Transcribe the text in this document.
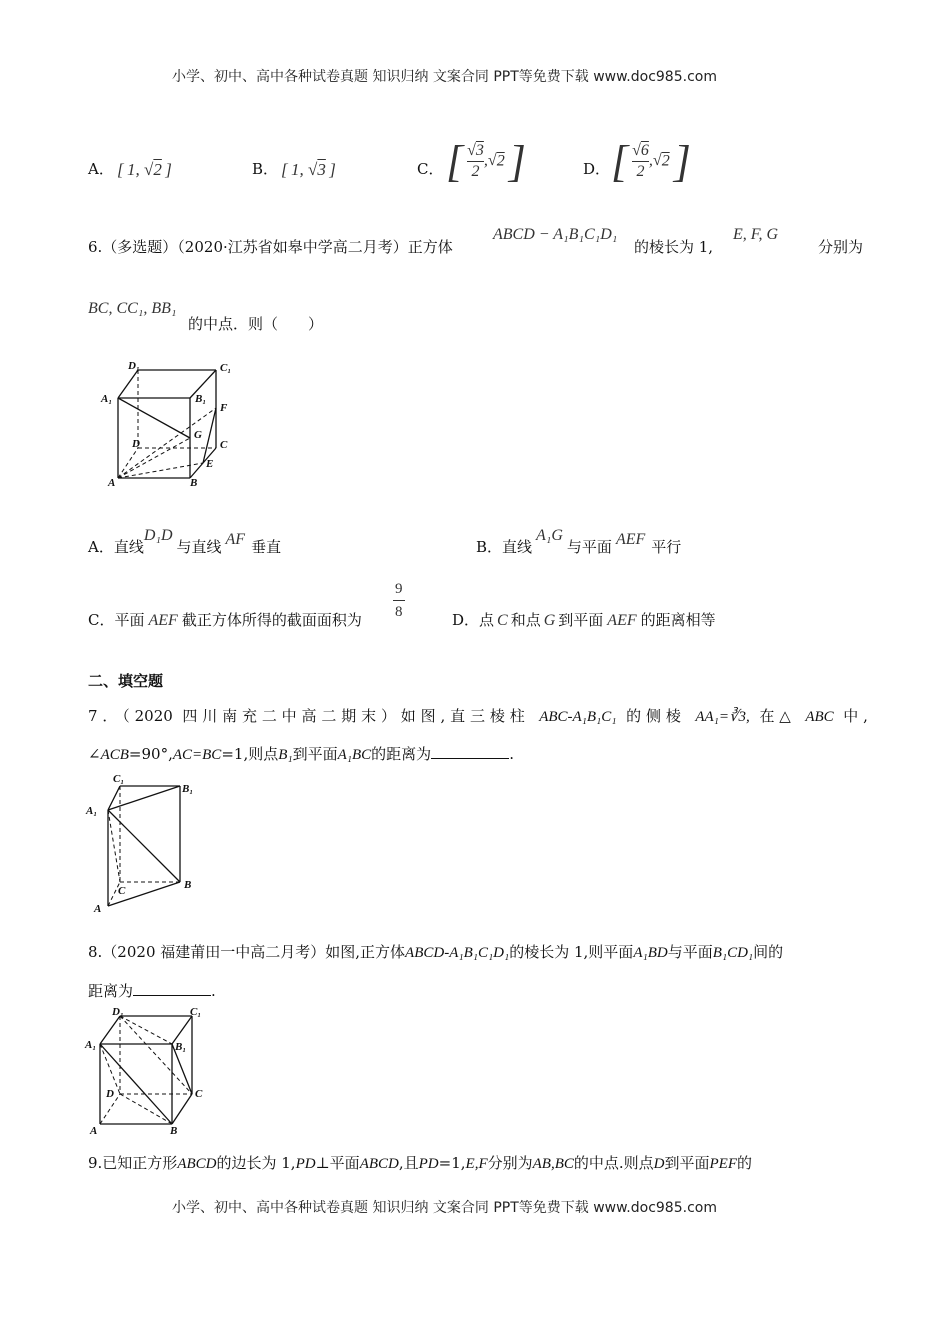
小学、初中、高中各种试卷真题 知识归纳 文案合同 PPT等免费下载 www.doc985.com
A． [ 1, √2 ]	B． [ 1, √3 ]	C． [ $\frac{√3}{2} ,√2$ ]	D． [ $\frac{√6}{2} ,√2$ ]
6.（多选题）（2020·江苏省如皋中学高二月考）正方体
ABCD − A₁B₁C₁D₁
的棱长为 1,
E, F, G
分别为
BC, CC₁, BB₁
的中点．则（　　）
D₁	C₁
A₁	B₁
F
G
D	C
E
A	B
A．直线D₁D与直线 AF 垂直	B．直线A₁G与平面 AEF 平行
C．平面 AEF 截正方体所得的截面面积为 $\frac{9}{8}$	D．点 C 和点 G 到平面 AEF 的距离相等
二、填空题
7．（2020 四川南充二中高二期末）如图,直三棱柱 ABC-A₁B₁C₁ 的侧棱 AA₁=∛3, 在△ ABC 中,
∠ACB=90°,AC=BC=1,则点B₁到平面A₁BC的距离为	.
C₁
B₁
A₁
C	B
A
8.（2020 福建莆田一中高二月考）如图,正方体ABCD-A₁B₁C₁D₁的棱长为 1,则平面A₁BD与平面B₁CD₁间的
距离为	.
D₁	C₁
A₁	B₁
D	C
A	B
9.已知正方形ABCD的边长为 1,PD⊥平面ABCD,且PD=1,E,F分别为AB,BC的中点.则点D到平面PEF的
小学、初中、高中各种试卷真题 知识归纳 文案合同 PPT等免费下载 www.doc985.com
